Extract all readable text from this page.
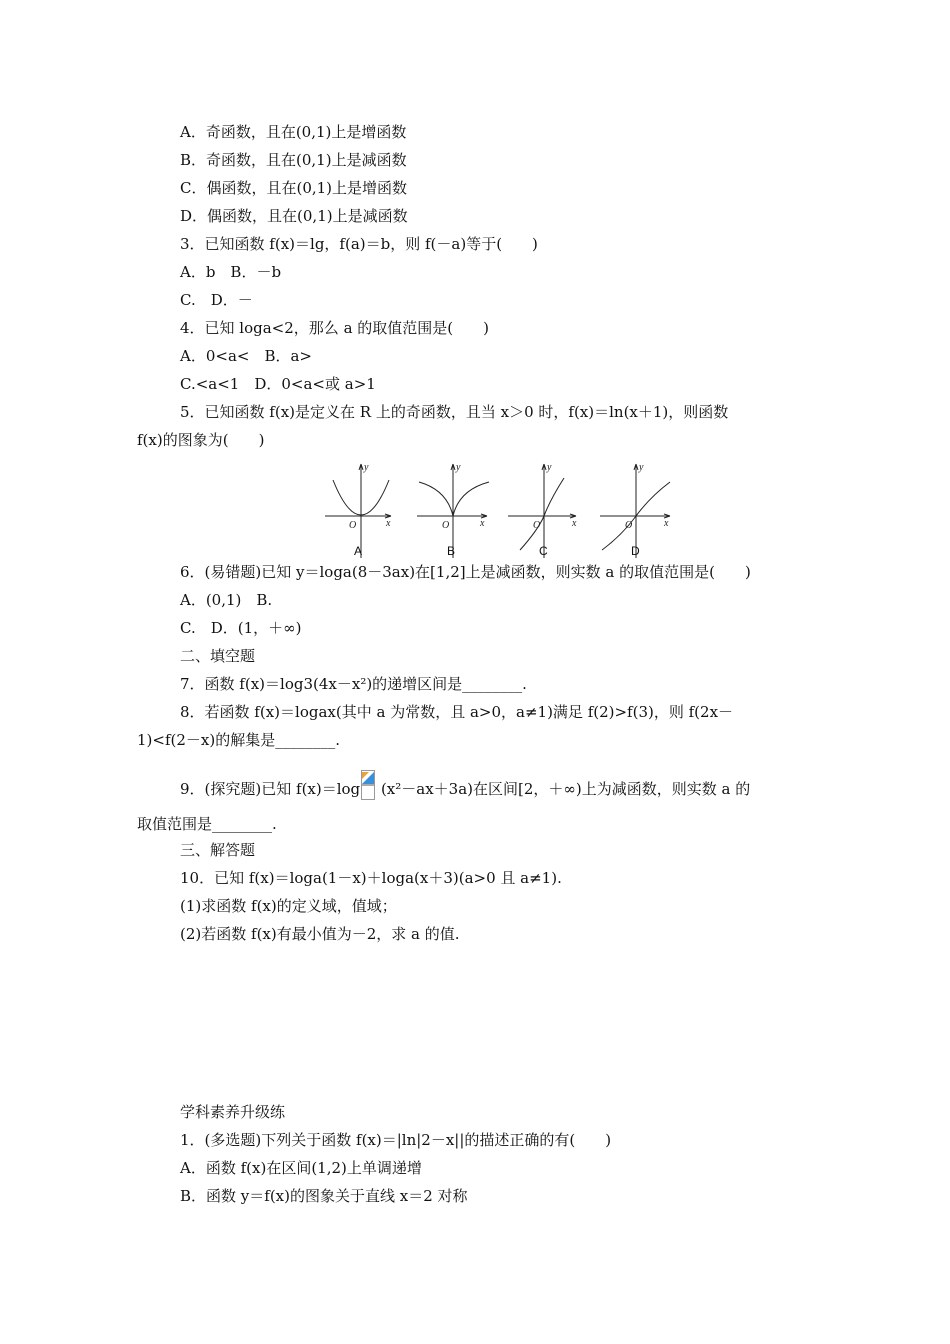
A．奇函数，且在(0,1)上是增函数
B．奇函数，且在(0,1)上是减函数
C．偶函数，且在(0,1)上是增函数
D．偶函数，且在(0,1)上是减函数
3．已知函数 f(x)＝lg，f(a)＝b，则 f(－a)等于(　　)
A．b　B．－b
C.　D．－
4．已知 loga<2，那么 a 的取值范围是(　　)
A．0<a<　B．a>
C.<a<1　D．0<a<或 a>1
5．已知函数 f(x)是定义在 R 上的奇函数，且当 x＞0 时，f(x)＝ln(x＋1)，则函数
f(x)的图象为(　　)
y
x
O
y
x
O
y
x
O
y
x
O
A	B	C	D
6．(易错题)已知 y＝loga(8－3ax)在[1,2]上是减函数，则实数 a 的取值范围是(　　)
A．(0,1)　B.
C.　D．(1，＋∞)
二、填空题
7．函数 f(x)＝log3(4x－x²)的递增区间是________.
8．若函数 f(x)＝logax(其中 a 为常数，且 a>0，a≠1)满足 f(2)>f(3)，则 f(2x－
1)<f(2－x)的解集是________.
9．(探究题)已知 f(x)＝log (x²－ax＋3a)在区间[2，＋∞)上为减函数，则实数 a 的
取值范围是________.
三、解答题
10．已知 f(x)＝loga(1－x)＋loga(x＋3)(a>0 且 a≠1).
(1)求函数 f(x)的定义域，值域；
(2)若函数 f(x)有最小值为－2，求 a 的值.
学科素养升级练
1．(多选题)下列关于函数 f(x)＝|ln|2－x||的描述正确的有(　　)
A．函数 f(x)在区间(1,2)上单调递增
B．函数 y＝f(x)的图象关于直线 x＝2 对称
